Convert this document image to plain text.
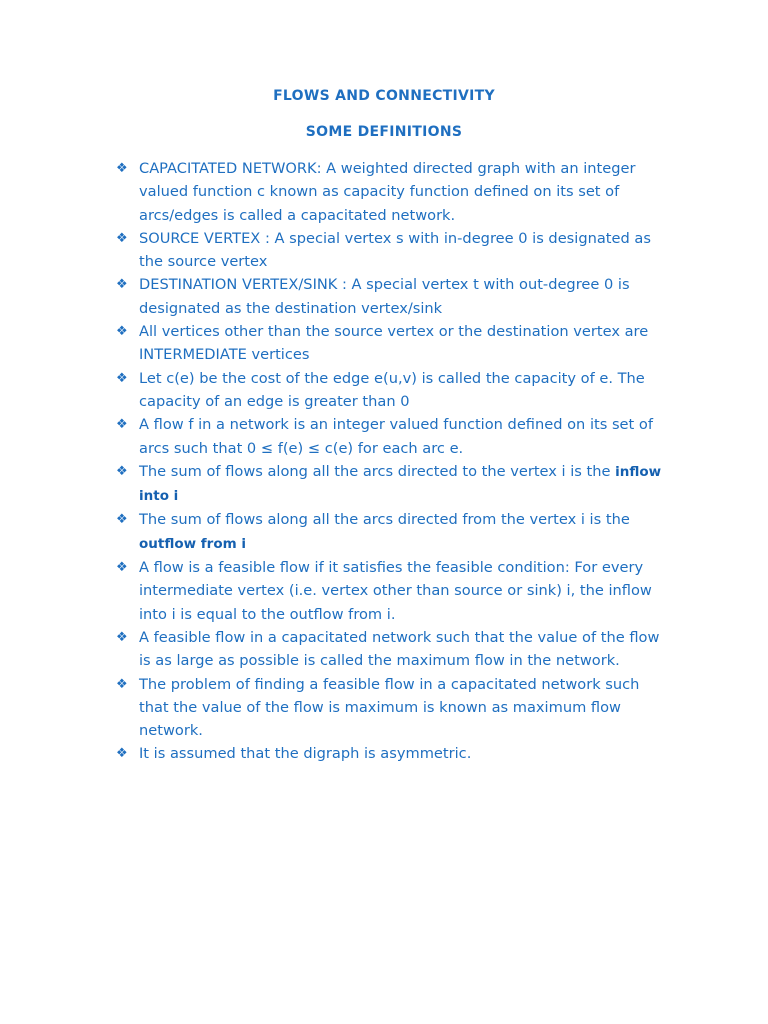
FLOWS AND CONNECTIVITY
SOME DEFINITIONS
❖ CAPACITATED NETWORK: A weighted directed graph with an integer valued function c known as capacity function defined on its set of arcs/edges is called a capacitated network.
❖ SOURCE VERTEX : A special vertex s with in-degree 0 is designated as the source vertex
❖ DESTINATION VERTEX/SINK : A special vertex t with out-degree 0 is designated as the destination vertex/sink
❖ All vertices other than the source vertex or the destination vertex are INTERMEDIATE vertices
❖ Let c(e) be the cost of the edge e(u,v) is called the capacity of e. The capacity of an edge is greater than 0
❖ A flow f in a network is an integer valued function defined on its set of arcs such that 0 ≤ f(e) ≤ c(e) for each arc e.
❖ The sum of flows along all the arcs directed to the vertex i is the inflow into i
❖ The sum of flows along all the arcs directed from the vertex i is the outflow from i
❖ A flow is a feasible flow if it satisfies the feasible condition: For every intermediate vertex (i.e. vertex other than source or sink) i, the inflow into i is equal to the outflow from i.
❖ A feasible flow in a capacitated network such that the value of the flow is as large as possible is called the maximum flow in the network.
❖ The problem of finding a feasible flow in a capacitated network such that the value of the flow is maximum is known as maximum flow network.
❖ It is assumed that the digraph is asymmetric.
